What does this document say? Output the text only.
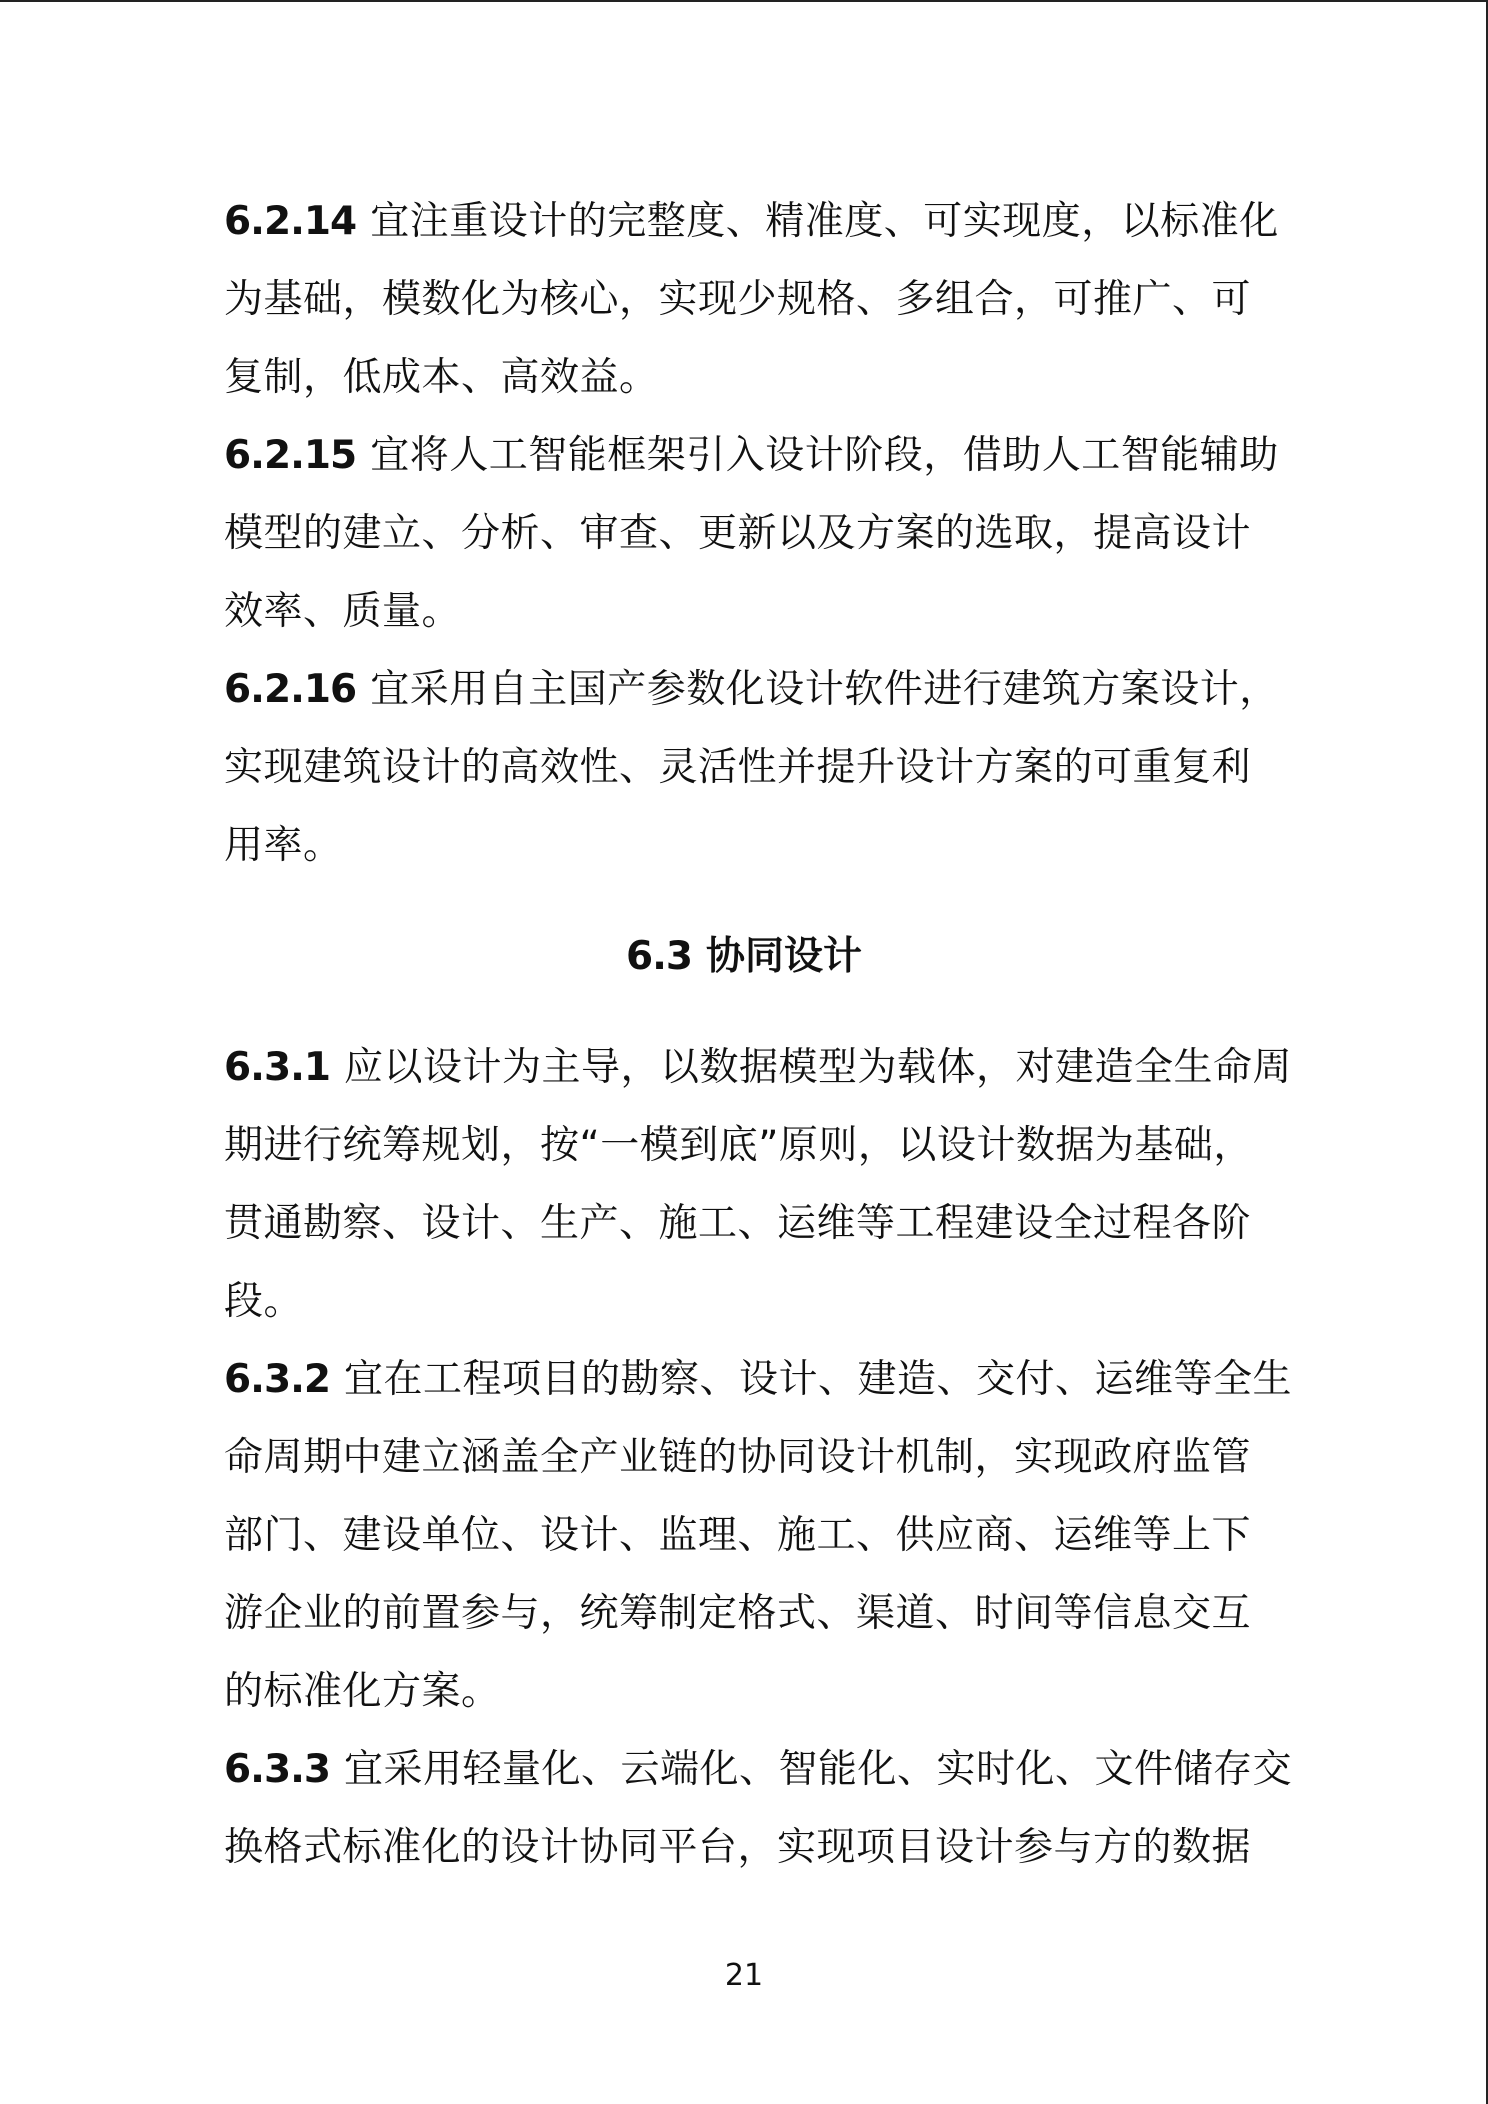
6.2.14 宜注重设计的完整度、精准度、可实现度，以标准化

为基础，模数化为核心，实现少规格、多组合，可推广、可

复制，低成本、高效益。

6.2.15 宜将人工智能框架引入设计阶段，借助人工智能辅助

模型的建立、分析、审查、更新以及方案的选取，提高设计

效率、质量。

6.2.16 宜采用自主国产参数化设计软件进行建筑方案设计，

实现建筑设计的高效性、灵活性并提升设计方案的可重复利

用率。

6.3 协同设计

6.3.1 应以设计为主导，以数据模型为载体，对建造全生命周

期进行统筹规划，按“一模到底”原则，以设计数据为基础，

贯通勘察、设计、生产、施工、运维等工程建设全过程各阶

段。

6.3.2 宜在工程项目的勘察、设计、建造、交付、运维等全生

命周期中建立涵盖全产业链的协同设计机制，实现政府监管

部门、建设单位、设计、监理、施工、供应商、运维等上下

游企业的前置参与，统筹制定格式、渠道、时间等信息交互

的标准化方案。

6.3.3 宜采用轻量化、云端化、智能化、实时化、文件储存交

换格式标准化的设计协同平台，实现项目设计参与方的数据

21
